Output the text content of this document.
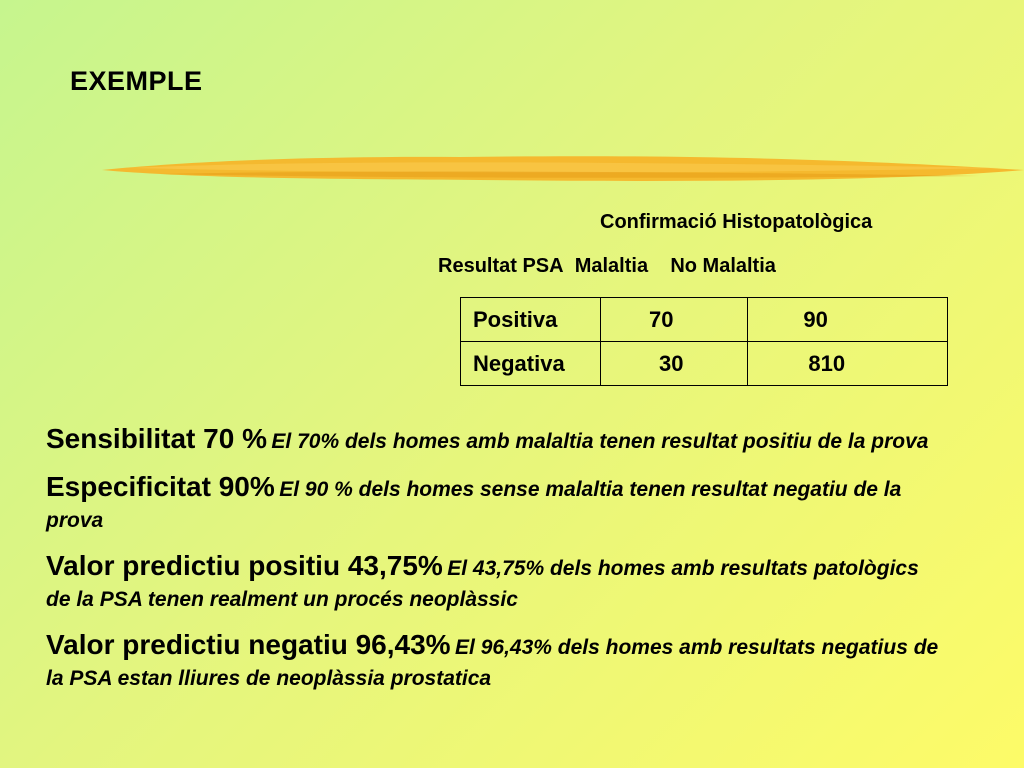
EXEMPLE
Confirmació Histopatològica
Resultat PSA Malaltia No Malaltia
Positiva	70	90
Negativa	30	810
Sensibilitat 70 % El 70% dels homes amb malaltia tenen resultat positiu de la prova
Especificitat 90% El 90 % dels homes sense malaltia tenen resultat negatiu de la prova
Valor predictiu positiu 43,75% El 43,75% dels homes amb resultats patològics de la PSA tenen realment un procés neoplàssic
Valor predictiu negatiu 96,43% El 96,43% dels homes amb resultats negatius de la PSA estan lliures de neoplàssia prostatica
